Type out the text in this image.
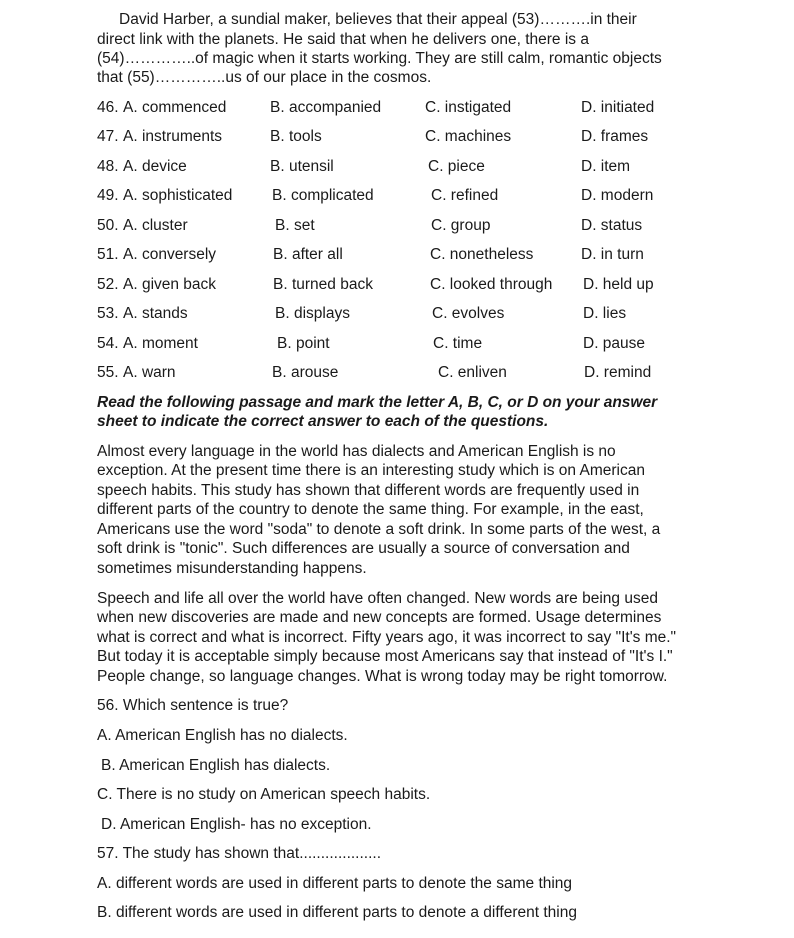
David Harber, a sundial maker, believes that their appeal (53)……….in their
direct link with the planets. He said that when he delivers one, there is a
(54)…………..of magic when it starts working. They are still calm, romantic objects
that (55)…………..us of our place in the cosmos.
46. A. commenced	B. accompanied	C. instigated	D. initiated
47. A. instruments	B. tools	C. machines	D. frames
48. A. device	B. utensil	C. piece	D. item
49. A. sophisticated	B. complicated	C. refined	D. modern
50. A. cluster	B. set	C. group	D. status
51. A. conversely	B. after all	C. nonetheless	D. in turn
52. A. given back	B. turned back	C. looked through D. held up
53. A. stands	B. displays	C. evolves	D. lies
54. A. moment	B. point	C. time	D. pause
55. A. warn	B. arouse	C. enliven	D. remind
Read the following passage and mark the letter A, B, C, or D on your answer
sheet to indicate the correct answer to each of the questions.
Almost every language in the world has dialects and American English is no
exception. At the present time there is an interesting study which is on American
speech habits. This study has shown that different words are frequently used in
different parts of the country to denote the same thing. For example, in the east,
Americans use the word "soda" to denote a soft drink. In some parts of the west, a
soft drink is "tonic". Such differences are usually a source of conversation and
sometimes misunderstanding happens.
Speech and life all over the world have often changed. New words are being used
when new discoveries are made and new concepts are formed. Usage determines
what is correct and what is incorrect. Fifty years ago, it was incorrect to say "It's me."
But today it is acceptable simply because most Americans say that instead of "It's I."
People change, so language changes. What is wrong today may be right tomorrow.
56. Which sentence is true?
A. American English has no dialects.
B. American English has dialects.
C. There is no study on American speech habits.
D. American English- has no exception.
57. The study has shown that...................
A. different words are used in different parts to denote the same thing
B. different words are used in different parts to denote a different thing
